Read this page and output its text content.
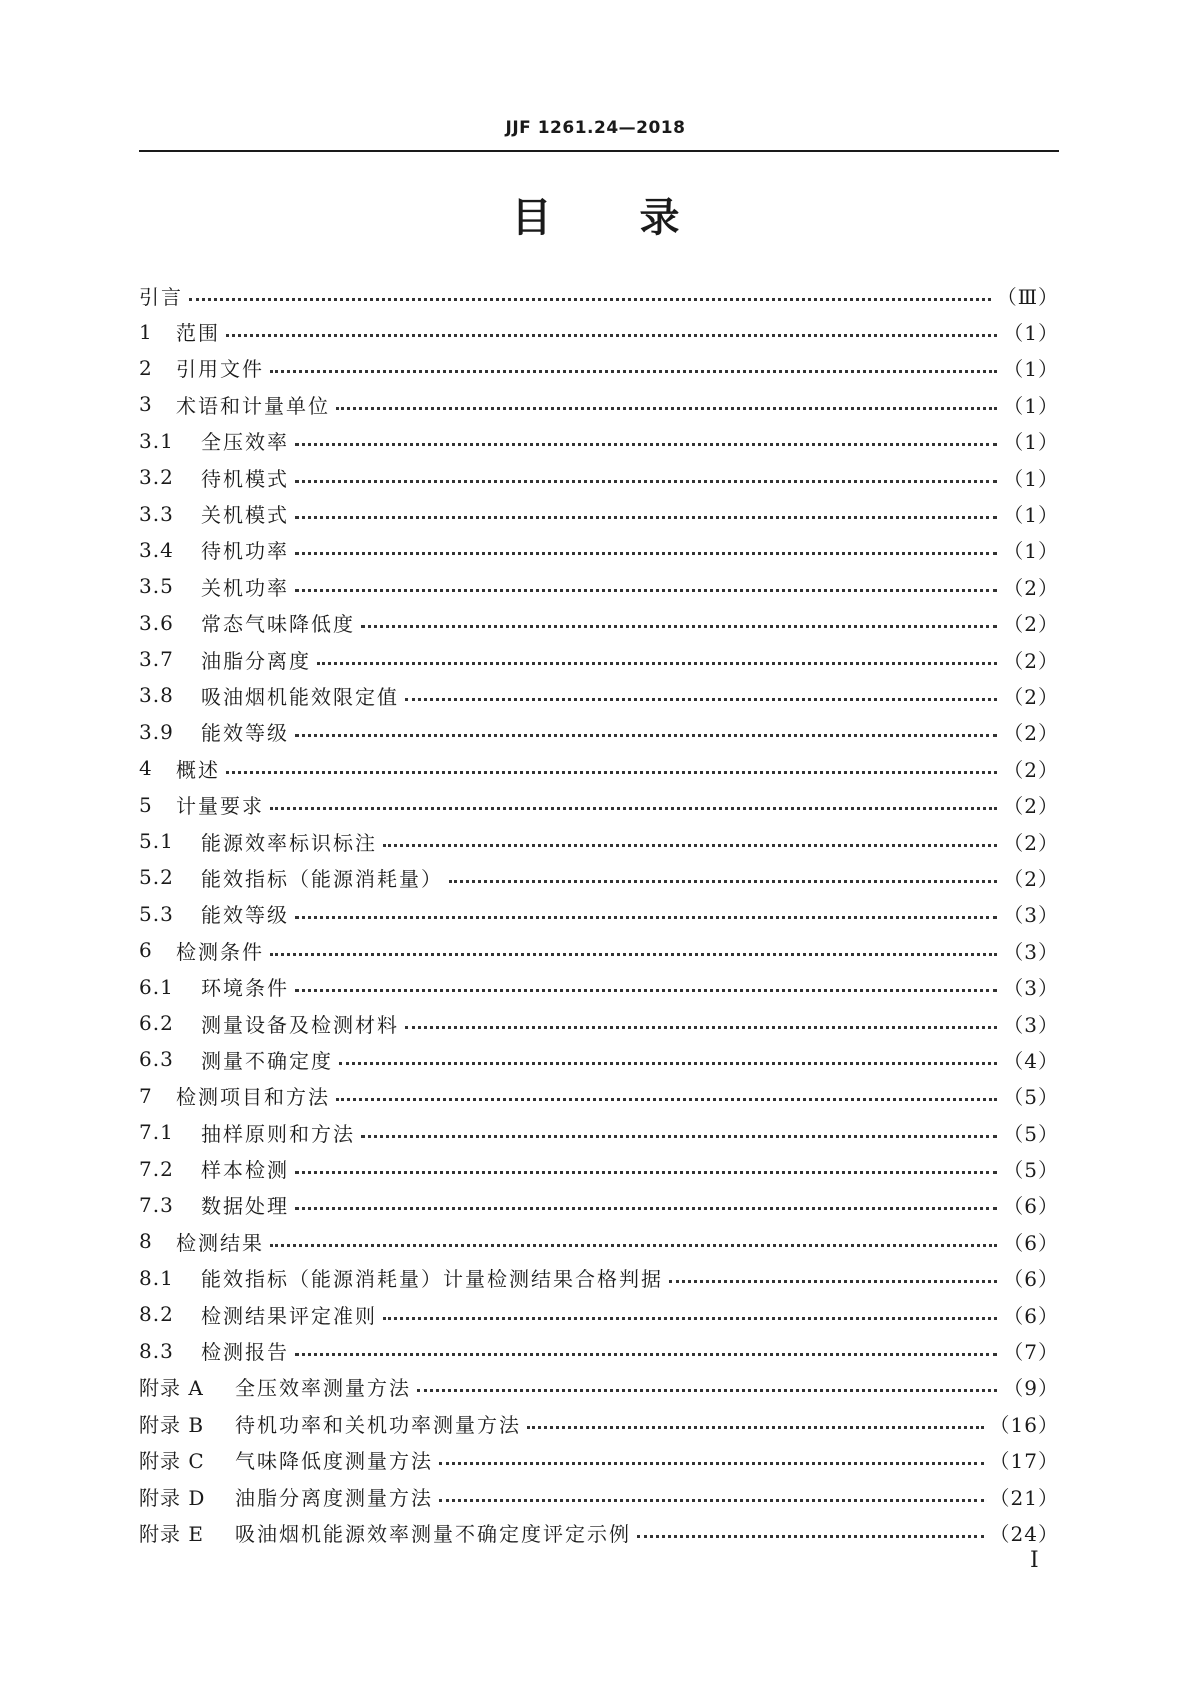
JJF 1261.24—2018
目 录
引言	（Ⅲ）
1	范围	（1）
2	引用文件	（1）
3	术语和计量单位	（1）
3.1	全压效率	（1）
3.2	待机模式	（1）
3.3	关机模式	（1）
3.4	待机功率	（1）
3.5	关机功率	（2）
3.6	常态气味降低度	（2）
3.7	油脂分离度	（2）
3.8	吸油烟机能效限定值	（2）
3.9	能效等级	（2）
4	概述	（2）
5	计量要求	（2）
5.1	能源效率标识标注	（2）
5.2	能效指标（能源消耗量）	（2）
5.3	能效等级	（3）
6	检测条件	（3）
6.1	环境条件	（3）
6.2	测量设备及检测材料	（3）
6.3	测量不确定度	（4）
7	检测项目和方法	（5）
7.1	抽样原则和方法	（5）
7.2	样本检测	（5）
7.3	数据处理	（6）
8	检测结果	（6）
8.1	能效指标（能源消耗量）计量检测结果合格判据	（6）
8.2	检测结果评定准则	（6）
8.3	检测报告	（7）
附录 A	全压效率测量方法	（9）
附录 B	待机功率和关机功率测量方法	（16）
附录 C	气味降低度测量方法	（17）
附录 D	油脂分离度测量方法	（21）
附录 E	吸油烟机能源效率测量不确定度评定示例	（24）
Ⅰ
